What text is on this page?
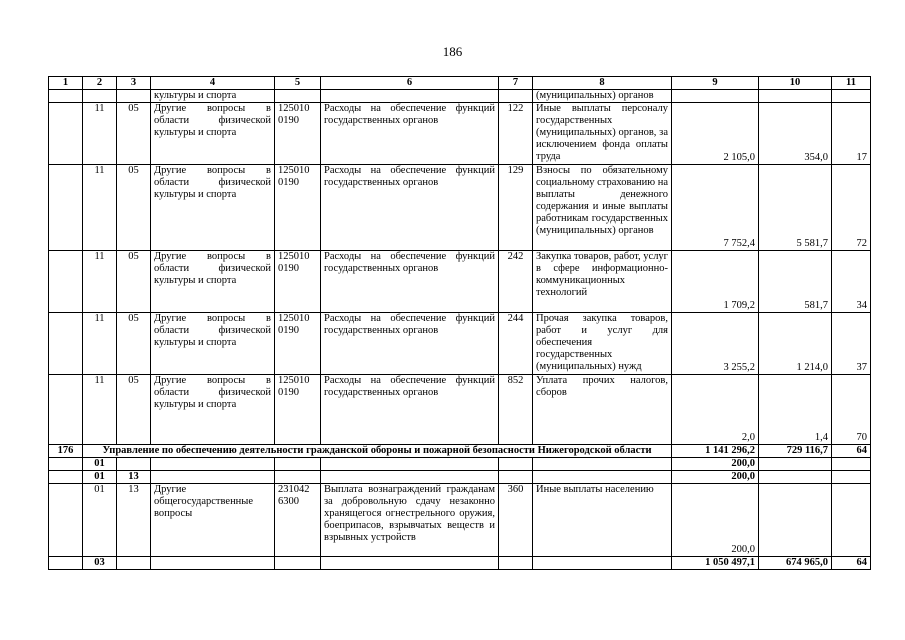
186
1	2	3	4	5	6	7	8	9	10	11
			культуры и спорта				(муниципальных) органов			
	11	05	Другие вопросы в области физической культуры и спорта	125010 0190	Расходы на обеспечение функций государственных органов	122	Иные выплаты персоналу государственных (муниципальных) органов, за исключением фонда оплаты труда	2 105,0	354,0	17
	11	05	Другие вопросы в области физической культуры и спорта	125010 0190	Расходы на обеспечение функций государственных органов	129	Взносы по обязательному социальному страхованию на выплаты денежного содержания и иные выплаты работникам государственных (муниципальных) органов	7 752,4	5 581,7	72
	11	05	Другие вопросы в области физической культуры и спорта	125010 0190	Расходы на обеспечение функций государственных органов	242	Закупка товаров, работ, услуг в сфере информационно-коммуникационных технологий	1 709,2	581,7	34
	11	05	Другие вопросы в области физической культуры и спорта	125010 0190	Расходы на обеспечение функций государственных органов	244	Прочая закупка товаров, работ и услуг для обеспечения государственных (муниципальных) нужд	3 255,2	1 214,0	37
	11	05	Другие вопросы в области физической культуры и спорта	125010 0190	Расходы на обеспечение функций государственных органов	852	Уплата прочих налогов, сборов	2,0	1,4	70
176	Управление по обеспечению деятельности гражданской обороны и пожарной безопасности Нижегородской области							1 141 296,2	729 116,7	64
	01							200,0		
	01	13						200,0		
	01	13	Другие общегосударственные вопросы	231042 6300	Выплата вознаграждений гражданам за добровольную сдачу незаконно хранящегося огнестрельного оружия, боеприпасов, взрывчатых веществ и взрывных устройств	360	Иные выплаты населению	200,0		
	03							1 050 497,1	674 965,0	64
